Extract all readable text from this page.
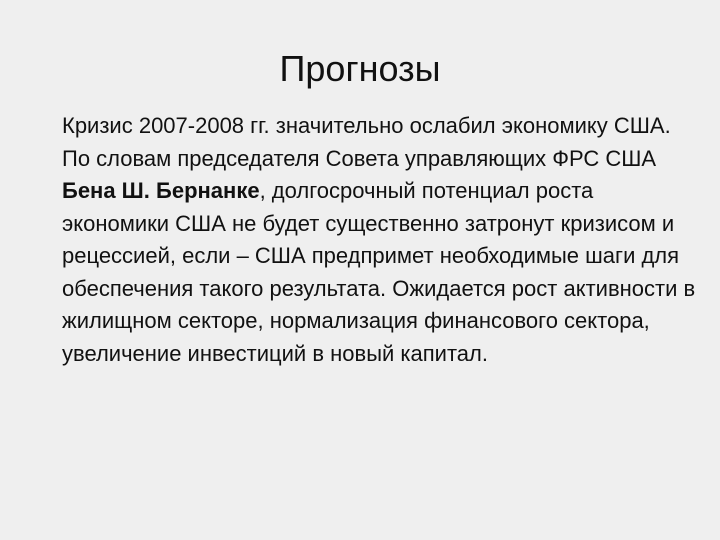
Прогнозы

Кризис 2007-2008 гг. значительно ослабил экономику США.

По словам председателя Совета управляющих ФРС США Бена Ш. Бернанке, долгосрочный потенциал роста экономики США не будет существенно затронут кризисом и рецессией, если – США предпримет необходимые шаги для обеспечения такого результата. Ожидается рост активности в жилищном секторе, нормализация финансового сектора, увеличение инвестиций в новый капитал.
